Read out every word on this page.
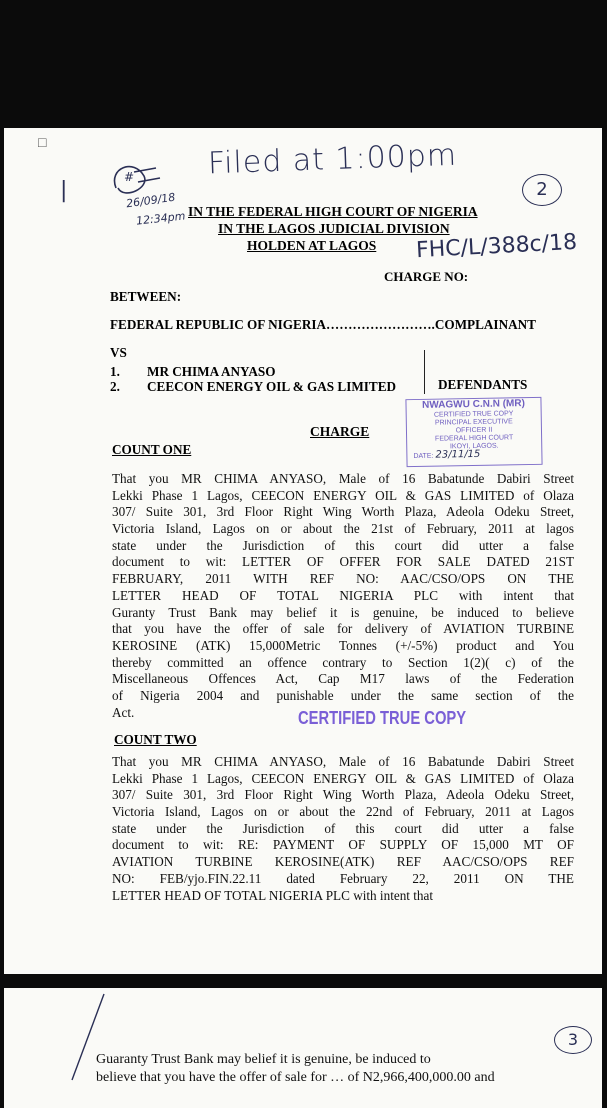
□
# Filed at 1:00pm
2
26/09/18
12:34pm
|
IN THE FEDERAL HIGH COURT OF NIGERIA
IN THE LAGOS JUDICIAL DIVISION
HOLDEN AT LAGOS FHC/L/388c/18
CHARGE NO:
BETWEEN:
FEDERAL REPUBLIC OF NIGERIA…………………….COMPLAINANT
VS
1. MR CHIMA ANYASO
2. CEECON ENERGY OIL & GAS LIMITED	DEFENDANTS
NWAGWU C.N.N (MR)
CERTIFIED TRUE COPY
PRINCIPAL EXECUTIVE
OFFICER II
FEDERAL HIGH COURT
IKOYI, LAGOS.
DATE: 23/11/15
CHARGE
COUNT ONE
That you MR CHIMA ANYASO, Male of 16 Babatunde Dabiri Street
Lekki Phase 1 Lagos, CEECON ENERGY OIL & GAS LIMITED of Olaza
307/ Suite 301, 3rd Floor Right Wing Worth Plaza, Adeola Odeku Street,
Victoria Island, Lagos on or about the 21st of February, 2011 at lagos
state under the Jurisdiction of this court did utter a false
document to wit: LETTER OF OFFER FOR SALE DATED 21ST
FEBRUARY, 2011 WITH REF NO: AAC/CSO/OPS ON THE
LETTER HEAD OF TOTAL NIGERIA PLC with intent that
Guranty Trust Bank may belief it is genuine, be induced to believe
that you have the offer of sale for delivery of AVIATION TURBINE
KEROSINE (ATK) 15,000Metric Tonnes (+/-5%) product and You
thereby committed an offence contrary to Section 1(2)( c) of the
Miscellaneous Offences Act, Cap M17 laws of the Federation
of Nigeria 2004 and punishable under the same section of the
Act.	CERTIFIED TRUE COPY
COUNT TWO
That you MR CHIMA ANYASO, Male of 16 Babatunde Dabiri Street
Lekki Phase 1 Lagos, CEECON ENERGY OIL & GAS LIMITED of Olaza
307/ Suite 301, 3rd Floor Right Wing Worth Plaza, Adeola Odeku Street,
Victoria Island, Lagos on or about the 22nd of February, 2011 at Lagos
state under the Jurisdiction of this court did utter a false
document to wit: RE: PAYMENT OF SUPPLY OF 15,000 MT OF
AVIATION TURBINE KEROSINE(ATK) REF AAC/CSO/OPS REF
NO: FEB/yjo.FIN.22.11 dated February 22, 2011 ON THE
LETTER HEAD OF TOTAL NIGERIA PLC with intent that
3
Guaranty Trust Bank may belief it is genuine, be induced to
believe that you have the offer of sale for … of N2,966,400,000.00 and
